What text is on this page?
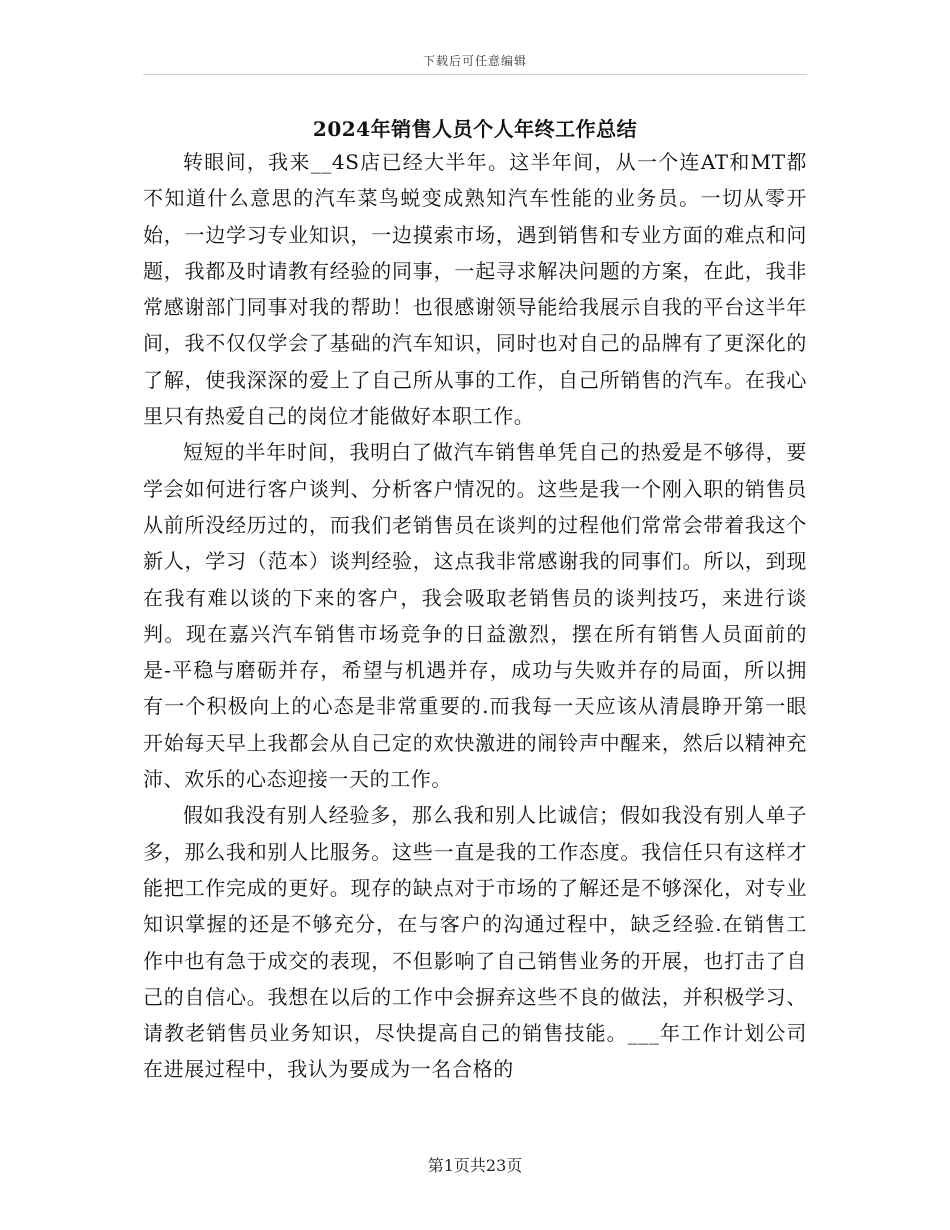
下载后可任意编辑
2024年销售人员个人年终工作总结

转眼间，我来__4S店已经大半年。这半年间，从一个连AT和MT都不知道什么意思的汽车菜鸟蜕变成熟知汽车性能的业务员。一切从零开始，一边学习专业知识，一边摸索市场，遇到销售和专业方面的难点和问题，我都及时请教有经验的同事，一起寻求解决问题的方案，在此，我非常感谢部门同事对我的帮助！也很感谢领导能给我展示自我的平台这半年间，我不仅仅学会了基础的汽车知识，同时也对自己的品牌有了更深化的了解，使我深深的爱上了自己所从事的工作，自己所销售的汽车。在我心里只有热爱自己的岗位才能做好本职工作。

短短的半年时间，我明白了做汽车销售单凭自己的热爱是不够得，要学会如何进行客户谈判、分析客户情况的。这些是我一个刚入职的销售员从前所没经历过的，而我们老销售员在谈判的过程他们常常会带着我这个新人，学习（范本）谈判经验，这点我非常感谢我的同事们。所以，到现在我有难以谈的下来的客户，我会吸取老销售员的谈判技巧，来进行谈判。现在嘉兴汽车销售市场竞争的日益激烈，摆在所有销售人员面前的是-平稳与磨砺并存，希望与机遇并存，成功与失败并存的局面，所以拥有一个积极向上的心态是非常重要的.而我每一天应该从清晨睁开第一眼开始每天早上我都会从自己定的欢快激进的闹铃声中醒来，然后以精神充沛、欢乐的心态迎接一天的工作。

假如我没有别人经验多，那么我和别人比诚信；假如我没有别人单子多，那么我和别人比服务。这些一直是我的工作态度。我信任只有这样才能把工作完成的更好。现存的缺点对于市场的了解还是不够深化，对专业知识掌握的还是不够充分，在与客户的沟通过程中，缺乏经验.在销售工作中也有急于成交的表现，不但影响了自己销售业务的开展，也打击了自己的自信心。我想在以后的工作中会摒弃这些不良的做法，并积极学习、请教老销售员业务知识，尽快提高自己的销售技能。___年工作计划公司在进展过程中，我认为要成为一名合格的

第1页共23页
